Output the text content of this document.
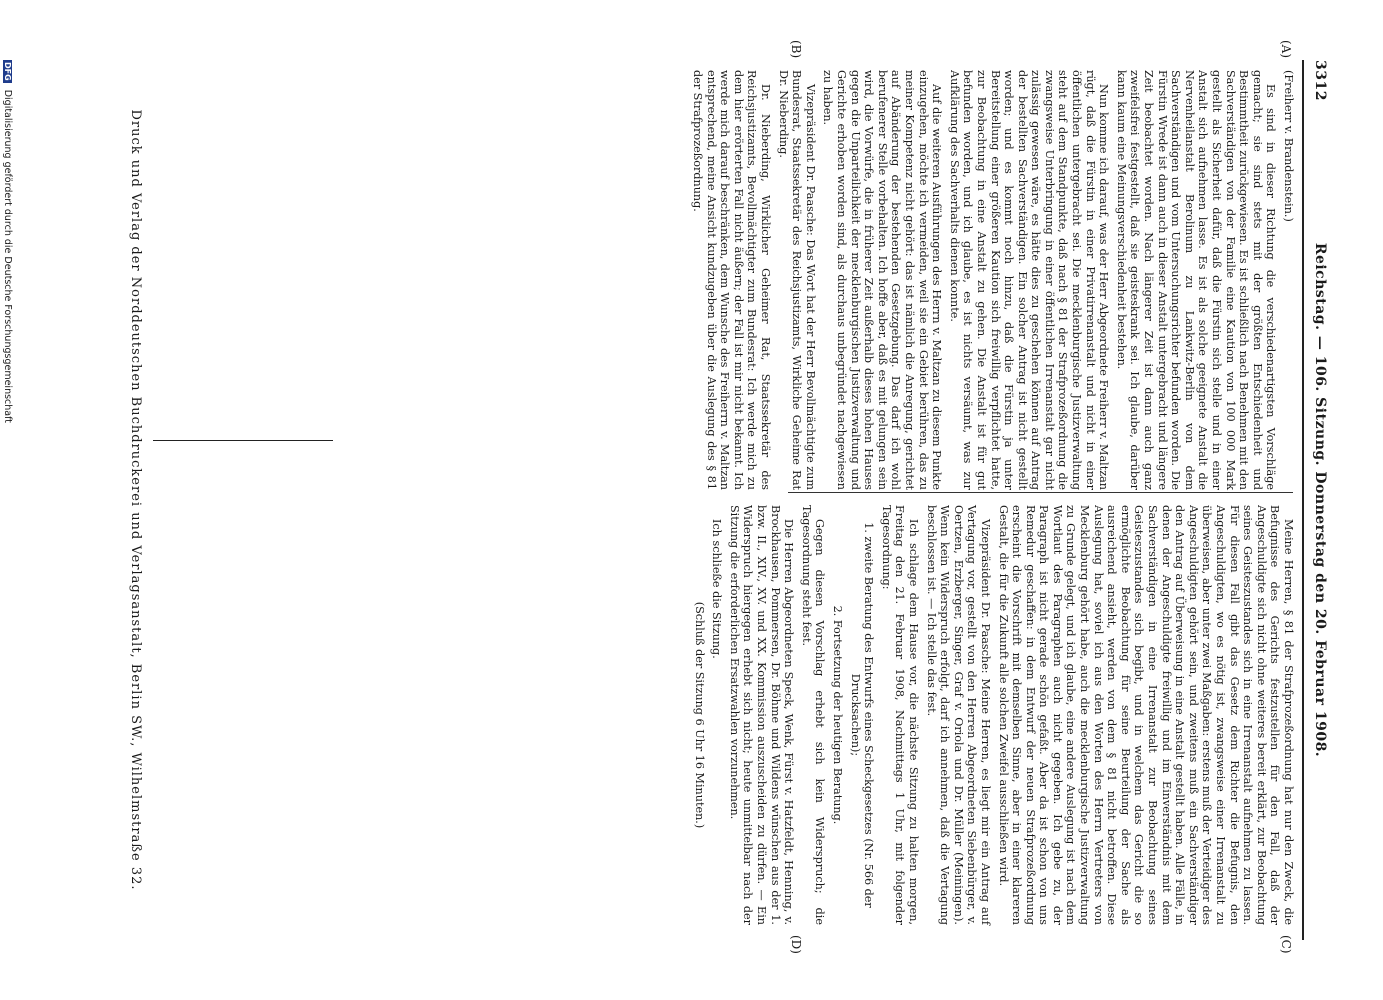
3312
Reichstag. — 106. Sitzung. Donnerstag den 20. Februar 1908.
(A)
(B)
(C)
(D)

(Freiherr v. Brandenstein.)

Es sind in dieser Richtung die verschiedenartigsten Vorschläge gemacht; sie sind stets mit der größten Entschiedenheit und Bestimmtheit zurückgewiesen. Es ist schließlich nach Benehmen mit den Sachverständigen von der Familie eine Kaution von 100 000 Mark gestellt als Sicherheit dafür, daß die Fürstin sich stelle und in einer Anstalt sich aufnehmen lasse. Es ist als solche geeignete Anstalt die Nervenheilanstalt Berolinum zu Lankwitz-Berlin von dem Sachverständigen und vom Untersuchungsrichter befunden worden. Die Fürstin Wrede ist dann auch in dieser Anstalt untergebracht und längere Zeit beobachtet worden. Nach längerer Zeit ist dann auch ganz zweifelsfrei festgestellt, daß sie geisteskrank sei. Ich glaube, darüber kann kaum eine Meinungsverschiedenheit bestehen.

Nun komme ich darauf, was der Herr Abgeordnete Freiherr v. Maltzan rügt, daß die Fürstin in einer Privatirrenanstalt und nicht in einer öffentlichen untergebracht sei. Die mecklenburgische Justizverwaltung steht auf dem Standpunkte, daß nach § 81 der Strafprozeßordnung die zwangsweise Unterbringung in einer öffentlichen Irrenanstalt gar nicht zulässig gewesen wäre, es hätte dies zu geschehen können auf Antrag der bestellten Sachverständigen. Ein solcher Antrag ist nicht gestellt worden; und es kommt noch hinzu, daß die Fürstin ja unter Bereitstellung einer größeren Kaution sich freiwillig verpflichtet hatte, zur Beobachtung in eine Anstalt zu gehen. Die Anstalt ist für gut befunden worden, und ich glaube, es ist nichts versäumt, was zur Aufklärung des Sachverhalts dienen konnte.

Auf die weiteren Ausführungen des Herrn v. Maltzan zu diesem Punkte einzugehen, möchte ich vermeiden, weil sie ein Gebiet berühren, das zu meiner Kompetenz nicht gehört: das ist nämlich die Anregung, gerichtet auf Abänderung der bestehenden Gesetzgebung. Das darf ich wohl berufenerer Stelle vorbehalten. Ich hoffe aber, daß es mit gelungen sein wird, die Vorwürfe, die in früherer Zeit außerhalb dieses hohen Hauses gegen die Unparteilichkeit der mecklenburgischen Justizverwaltung und Gerichte erhoben worden sind, als durchaus unbegründet nachgewiesen zu haben.

Vizepräsident Dr. Paasche: Das Wort hat der Herr Bevollmächtigte zum Bundesrat, Staatssekretär des Reichsjustizamts, Wirkliche Geheime Rat Dr. Nieberding.

Dr. Nieberding, Wirklicher Geheimer Rat, Staatssekretär des Reichsjustizamts, Bevollmächtigter zum Bundesrat: Ich werde mich zu dem hier erörterten Fall nicht äußern; der Fall ist mir nicht bekannt. Ich werde mich darauf beschränken, dem Wunsche des Freiherrn v. Maltzan entsprechend, meine Ansicht kundzugeben über die Auslegung des § 81 der Strafprozeßordnung.

Meine Herren, § 81 der Strafprozeßordnung hat nur den Zweck, die Befugnisse des Gerichts festzustellen für den Fall, daß der Angeschuldigte sich nicht ohne weiteres bereit erklärt, zur Beobachtung seines Geisteszustandes sich in eine Irrenanstalt aufnehmen zu lassen. Für diesen Fall gibt das Gesetz dem Richter die Befugnis, den Angeschuldigten, wo es nötig ist, zwangsweise einer Irrenanstalt zu überweisen, aber unter zwei Maßgaben: erstens muß der Verteidiger des Angeschuldigten gehört sein, und zweitens muß ein Sachverständiger den Antrag auf Überweisung in eine Anstalt gestellt haben. Alle Fälle, in denen der Angeschuldigte freiwillig und im Einverständnis mit dem Sachverständigen in eine Irrenanstalt zur Beobachtung seines Geisteszustandes sich begibt, und in welchem das Gericht die so ermöglichte Beobachtung für seine Beurteilung der Sache als ausreichend ansieht, werden von dem § 81 nicht betroffen. Diese Auslegung hat, soviel ich aus den Worten des Herrn Vertreters von Mecklenburg gehört habe, auch die mecklenburgische Justizverwaltung zu Grunde gelegt, und ich glaube, eine andere Auslegung ist nach dem Wortlaut des Paragraphen auch nicht gegeben. Ich gebe zu, der Paragraph ist nicht gerade schön gefaßt. Aber da ist schon von uns Remedur geschaffen: in dem Entwurf der neuen Strafprozeßordnung erscheint die Vorschrift mit demselben Sinne, aber in einer klareren Gestalt, die für die Zukunft alle solchen Zweifel ausschließen wird.

Vizepräsident Dr. Paasche: Meine Herren, es liegt mir ein Antrag auf Vertagung vor, gestellt von den Herren Abgeordneten Siebenbürger, v. Oertzen, Erzberger, Singer, Graf v. Oriola und Dr. Müller (Meiningen). Wenn kein Widerspruch erfolgt, darf ich annehmen, daß die Vertagung beschlossen ist. — Ich stelle das fest.

Ich schlage dem Hause vor, die nächste Sitzung zu halten morgen, Freitag den 21. Februar 1908, Nachmittags 1 Uhr, mit folgender Tagesordnung:

1. zweite Beratung des Entwurfs eines Scheckgesetzes (Nr. 566 der Drucksachen);

2. Fortsetzung der heutigen Beratung.

Gegen diesen Vorschlag erhebt sich kein Widerspruch; die Tagesordnung steht fest.

Die Herren Abgeordneten Speck, Wenk, Fürst v. Hatzfeldt, Henning, v. Brockhausen, Pommersen, Dr. Böhme und Wildens wünschen aus der 1. bzw. II., XIV., XV. und XX. Kommission auszuscheiden zu dürfen. — Ein Widerspruch hiergegen erhebt sich nicht; heute unmittelbar nach der Sitzung die erforderlichen Ersatzwahlen vorzunehmen.

Ich schließe die Sitzung.

(Schluß der Sitzung 6 Uhr 16 Minuten.)

Druck und Verlag der Norddeutschen Buchdruckerei und Verlagsanstalt, Berlin SW., Wilhelmstraße 32.
DFG Digitalisierung gefördert durch die Deutsche Forschungsgemeinschaft
